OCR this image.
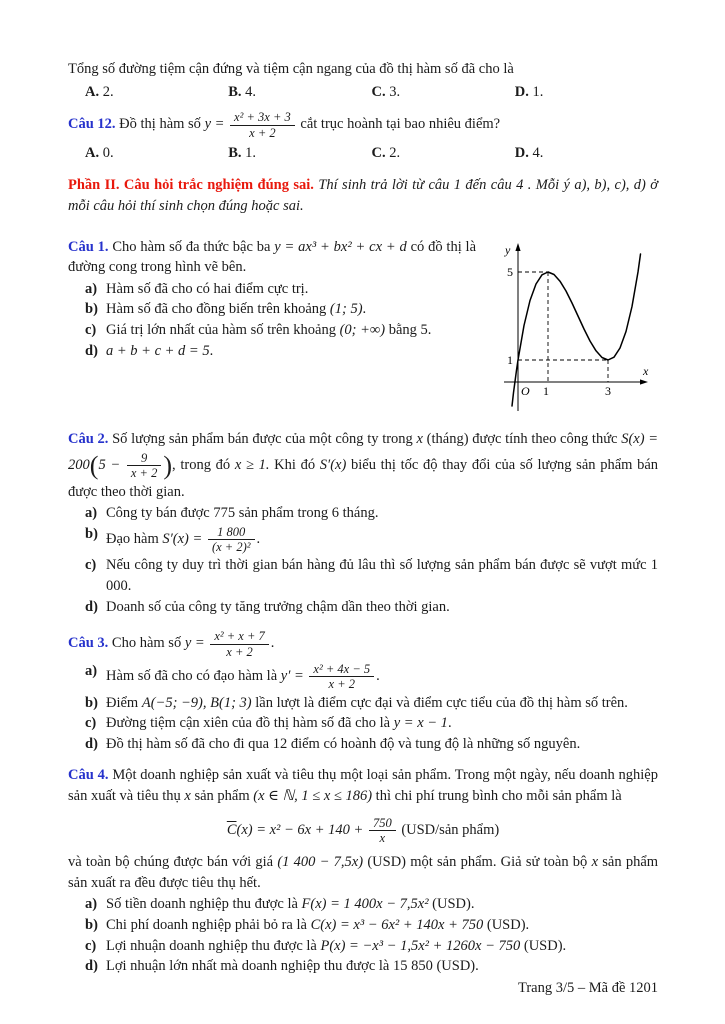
Tổng số đường tiệm cận đứng và tiệm cận ngang của đồ thị hàm số đã cho là

A. 2.	B. 4.	C. 3.	D. 1.

Câu 12. Đồ thị hàm số $y = \frac{\text{x² + 3x + 3}}{x + 2}$ cắt trục hoành tại bao nhiêu điểm?

A. 0.	B. 1.	C. 2.	D. 4.

Phần II. Câu hỏi trắc nghiệm đúng sai. Thí sinh trả lời từ câu 1 đến câu 4 . Mỗi ý a), b), c), d) ở mỗi câu hỏi thí sinh chọn đúng hoặc sai.

y
x
O
5
1
1	3

Câu 1. Cho hàm số đa thức bậc ba y = ax³ + bx² + cx + d có đồ thị là đường cong trong hình vẽ bên.

a) Hàm số đã cho có hai điểm cực trị.
b) Hàm số đã cho đồng biến trên khoảng (1; 5).
c) Giá trị lớn nhất của hàm số trên khoảng (0; +∞) bằng 5.
d) a + b + c + d = 5.

Câu 2. Số lượng sản phẩm bán được của một công ty trong x (tháng) được tính theo công thức $S(x) = 200(5 - \frac{9}{x + 2}$ ), trong đó x ≥ 1. Khi đó S′(x) biểu thị tốc độ thay đổi của số lượng sản phẩm bán được theo thời gian.

a) Công ty bán được 775 sản phẩm trong 6 tháng.
b) Đạo hàm $S'(x) = \frac{1 800}{\text{(x + 2)²}}$ .
c) Nếu công ty duy trì thời gian bán hàng đủ lâu thì số lượng sản phẩm bán được sẽ vượt mức 1 000.
d) Doanh số của công ty tăng trưởng chậm dần theo thời gian.

Câu 3. Cho hàm số $y = \frac{\text{x² + x + 7}}{x + 2}$ .

a) Hàm số đã cho có đạo hàm là $y' = \frac{\text{x² + 4x − 5}}{x + 2}$ .
b) Điểm A(−5; −9), B(1; 3) lần lượt là điểm cực đại và điểm cực tiểu của đồ thị hàm số trên.
c) Đường tiệm cận xiên của đồ thị hàm số đã cho là y = x − 1.
d) Đồ thị hàm số đã cho đi qua 12 điểm có hoành độ và tung độ là những số nguyên.

Câu 4. Một doanh nghiệp sản xuất và tiêu thụ một loại sản phẩm. Trong một ngày, nếu doanh nghiệp sản xuất và tiêu thụ x sản phẩm (x ∈ ℕ, 1 ≤ x ≤ 186) thì chi phí trung bình cho mỗi sản phẩm là

$\overline{C}(x) = x^2 - 6x + 140 + \frac{750}{x}$ (USD/sản phẩm)

và toàn bộ chúng được bán với giá (1 400 − 7,5x) (USD) một sản phẩm. Giả sử toàn bộ x sản phẩm sản xuất ra đều được tiêu thụ hết.

a) Số tiền doanh nghiệp thu được là F(x) = 1 400x − 7,5x² (USD).
b) Chi phí doanh nghiệp phải bỏ ra là C(x) = x³ − 6x² + 140x + 750 (USD).
c) Lợi nhuận doanh nghiệp thu được là P(x) = −x³ − 1,5x² + 1260x − 750 (USD).
d) Lợi nhuận lớn nhất mà doanh nghiệp thu được là 15 850 (USD).
Trang 3/5 – Mã đề 1201
